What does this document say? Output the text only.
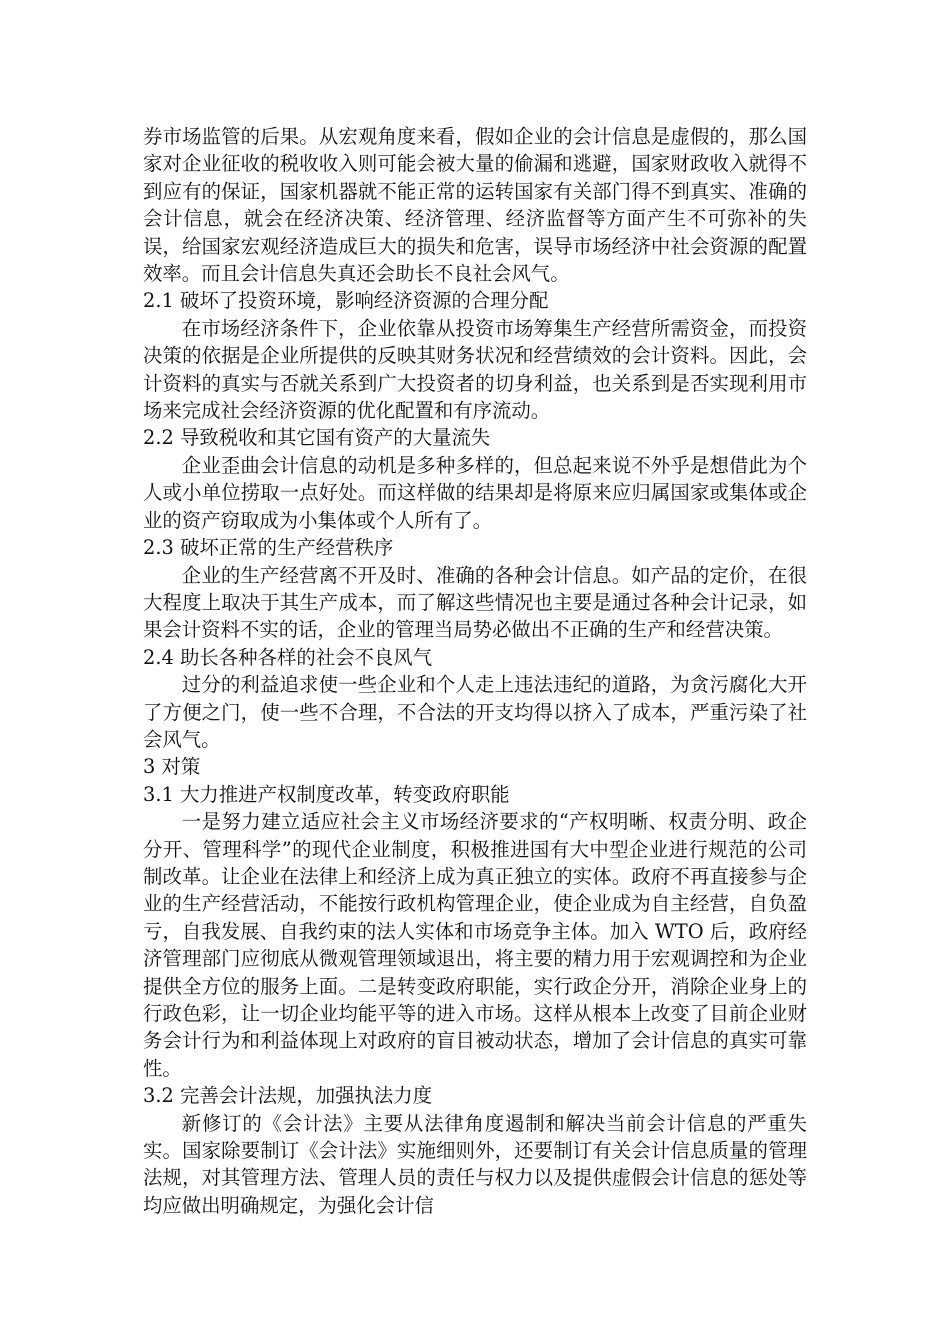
券市场监管的后果。从宏观角度来看，假如企业的会计信息是虚假的，那么国家对企业征收的税收收入则可能会被大量的偷漏和逃避，国家财政收入就得不到应有的保证，国家机器就不能正常的运转国家有关部门得不到真实、准确的会计信息，就会在经济决策、经济管理、经济监督等方面产生不可弥补的失误，给国家宏观经济造成巨大的损失和危害，误导市场经济中社会资源的配置效率。而且会计信息失真还会助长不良社会风气。

2.1 破坏了投资环境，影响经济资源的合理分配

在市场经济条件下，企业依靠从投资市场筹集生产经营所需资金，而投资决策的依据是企业所提供的反映其财务状况和经营绩效的会计资料。因此，会计资料的真实与否就关系到广大投资者的切身利益，也关系到是否实现利用市场来完成社会经济资源的优化配置和有序流动。

2.2 导致税收和其它国有资产的大量流失

企业歪曲会计信息的动机是多种多样的，但总起来说不外乎是想借此为个人或小单位捞取一点好处。而这样做的结果却是将原来应归属国家或集体或企业的资产窃取成为小集体或个人所有了。

2.3 破坏正常的生产经营秩序

企业的生产经营离不开及时、准确的各种会计信息。如产品的定价，在很大程度上取决于其生产成本，而了解这些情况也主要是通过各种会计记录，如果会计资料不实的话，企业的管理当局势必做出不正确的生产和经营决策。

2.4 助长各种各样的社会不良风气

过分的利益追求使一些企业和个人走上违法违纪的道路，为贪污腐化大开了方便之门，使一些不合理，不合法的开支均得以挤入了成本，严重污染了社会风气。

3 对策

3.1 大力推进产权制度改革，转变政府职能

一是努力建立适应社会主义市场经济要求的“产权明晰、权责分明、政企分开、管理科学”的现代企业制度，积极推进国有大中型企业进行规范的公司制改革。让企业在法律上和经济上成为真正独立的实体。政府不再直接参与企业的生产经营活动，不能按行政机构管理企业，使企业成为自主经营，自负盈亏，自我发展、自我约束的法人实体和市场竞争主体。加入 WTO 后，政府经济管理部门应彻底从微观管理领域退出，将主要的精力用于宏观调控和为企业提供全方位的服务上面。二是转变政府职能，实行政企分开，消除企业身上的行政色彩，让一切企业均能平等的进入市场。这样从根本上改变了目前企业财务会计行为和利益体现上对政府的盲目被动状态，增加了会计信息的真实可靠性。

3.2 完善会计法规，加强执法力度

新修订的《会计法》主要从法律角度遏制和解决当前会计信息的严重失实。国家除要制订《会计法》实施细则外，还要制订有关会计信息质量的管理法规，对其管理方法、管理人员的责任与权力以及提供虚假会计信息的惩处等均应做出明确规定，为强化会计信
